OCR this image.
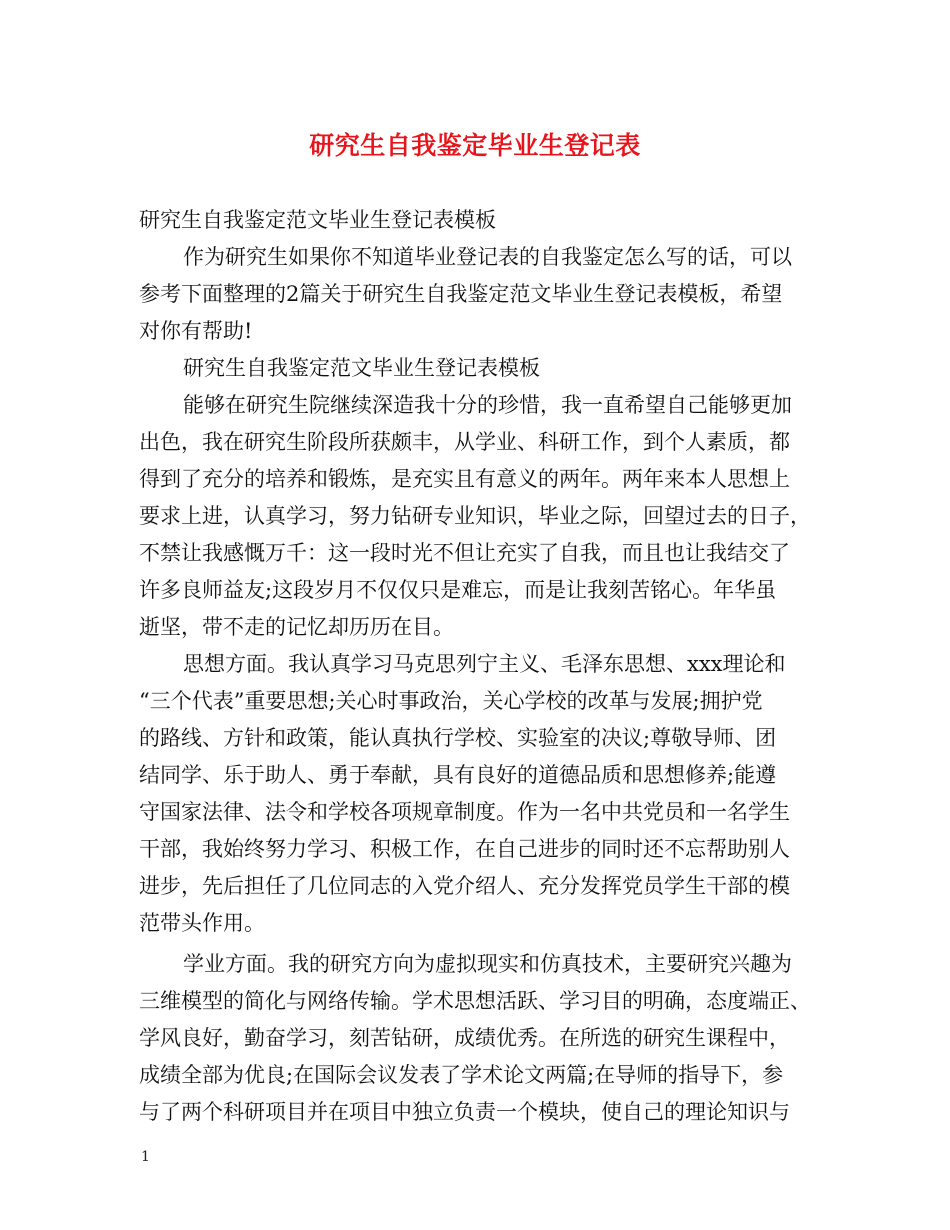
研究生自我鉴定毕业生登记表

研究生自我鉴定范文毕业生登记表模板

作为研究生如果你不知道毕业登记表的自我鉴定怎么写的话，可以
参考下面整理的2篇关于研究生自我鉴定范文毕业生登记表模板，希望
对你有帮助!

研究生自我鉴定范文毕业生登记表模板

能够在研究生院继续深造我十分的珍惜，我一直希望自己能够更加
出色，我在研究生阶段所获颇丰，从学业、科研工作，到个人素质，都
得到了充分的培养和锻炼，是充实且有意义的两年。两年来本人思想上
要求上进，认真学习，努力钻研专业知识，毕业之际，回望过去的日子，
不禁让我感慨万千：这一段时光不但让充实了自我，而且也让我结交了
许多良师益友;这段岁月不仅仅只是难忘，而是让我刻苦铭心。年华虽
逝坚，带不走的记忆却历历在目。

思想方面。我认真学习马克思列宁主义、毛泽东思想、xxx理论和
“三个代表”重要思想;关心时事政治，关心学校的改革与发展;拥护党
的路线、方针和政策，能认真执行学校、实验室的决议;尊敬导师、团
结同学、乐于助人、勇于奉献，具有良好的道德品质和思想修养;能遵
守国家法律、法令和学校各项规章制度。作为一名中共党员和一名学生
干部，我始终努力学习、积极工作，在自己进步的同时还不忘帮助别人
进步，先后担任了几位同志的入党介绍人、充分发挥党员学生干部的模
范带头作用。

学业方面。我的研究方向为虚拟现实和仿真技术，主要研究兴趣为
三维模型的简化与网络传输。学术思想活跃、学习目的明确，态度端正、
学风良好，勤奋学习，刻苦钻研，成绩优秀。在所选的研究生课程中，
成绩全部为优良;在国际会议发表了学术论文两篇;在导师的指导下，参
与了两个科研项目并在项目中独立负责一个模块，使自己的理论知识与

1
